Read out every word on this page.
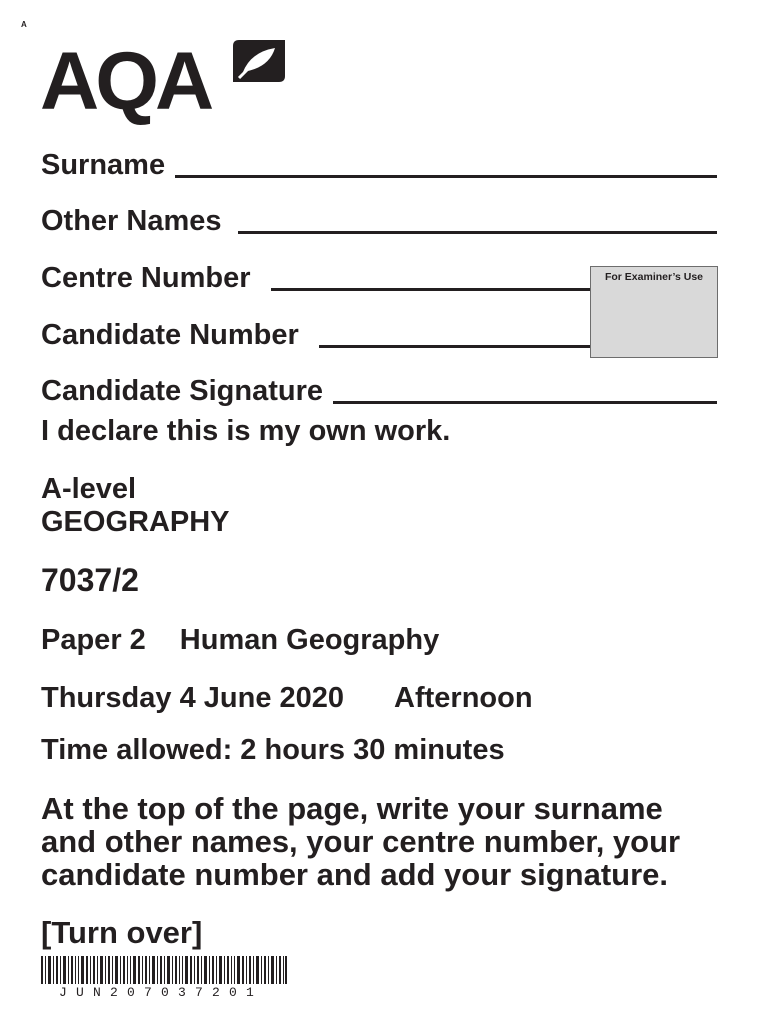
A
AQA
Surname
Other Names
Centre Number
Candidate Number
Candidate Signature
For Examiner’s Use
I declare this is my own work.
A-level
GEOGRAPHY
7037/2
Paper 2 Human Geography
Thursday 4 June 2020 Afternoon
Time allowed: 2 hours 30 minutes
At the top of the page, write your surname
and other names, your centre number, your
candidate number and add your signature.
[Turn over]
JUN207037201
